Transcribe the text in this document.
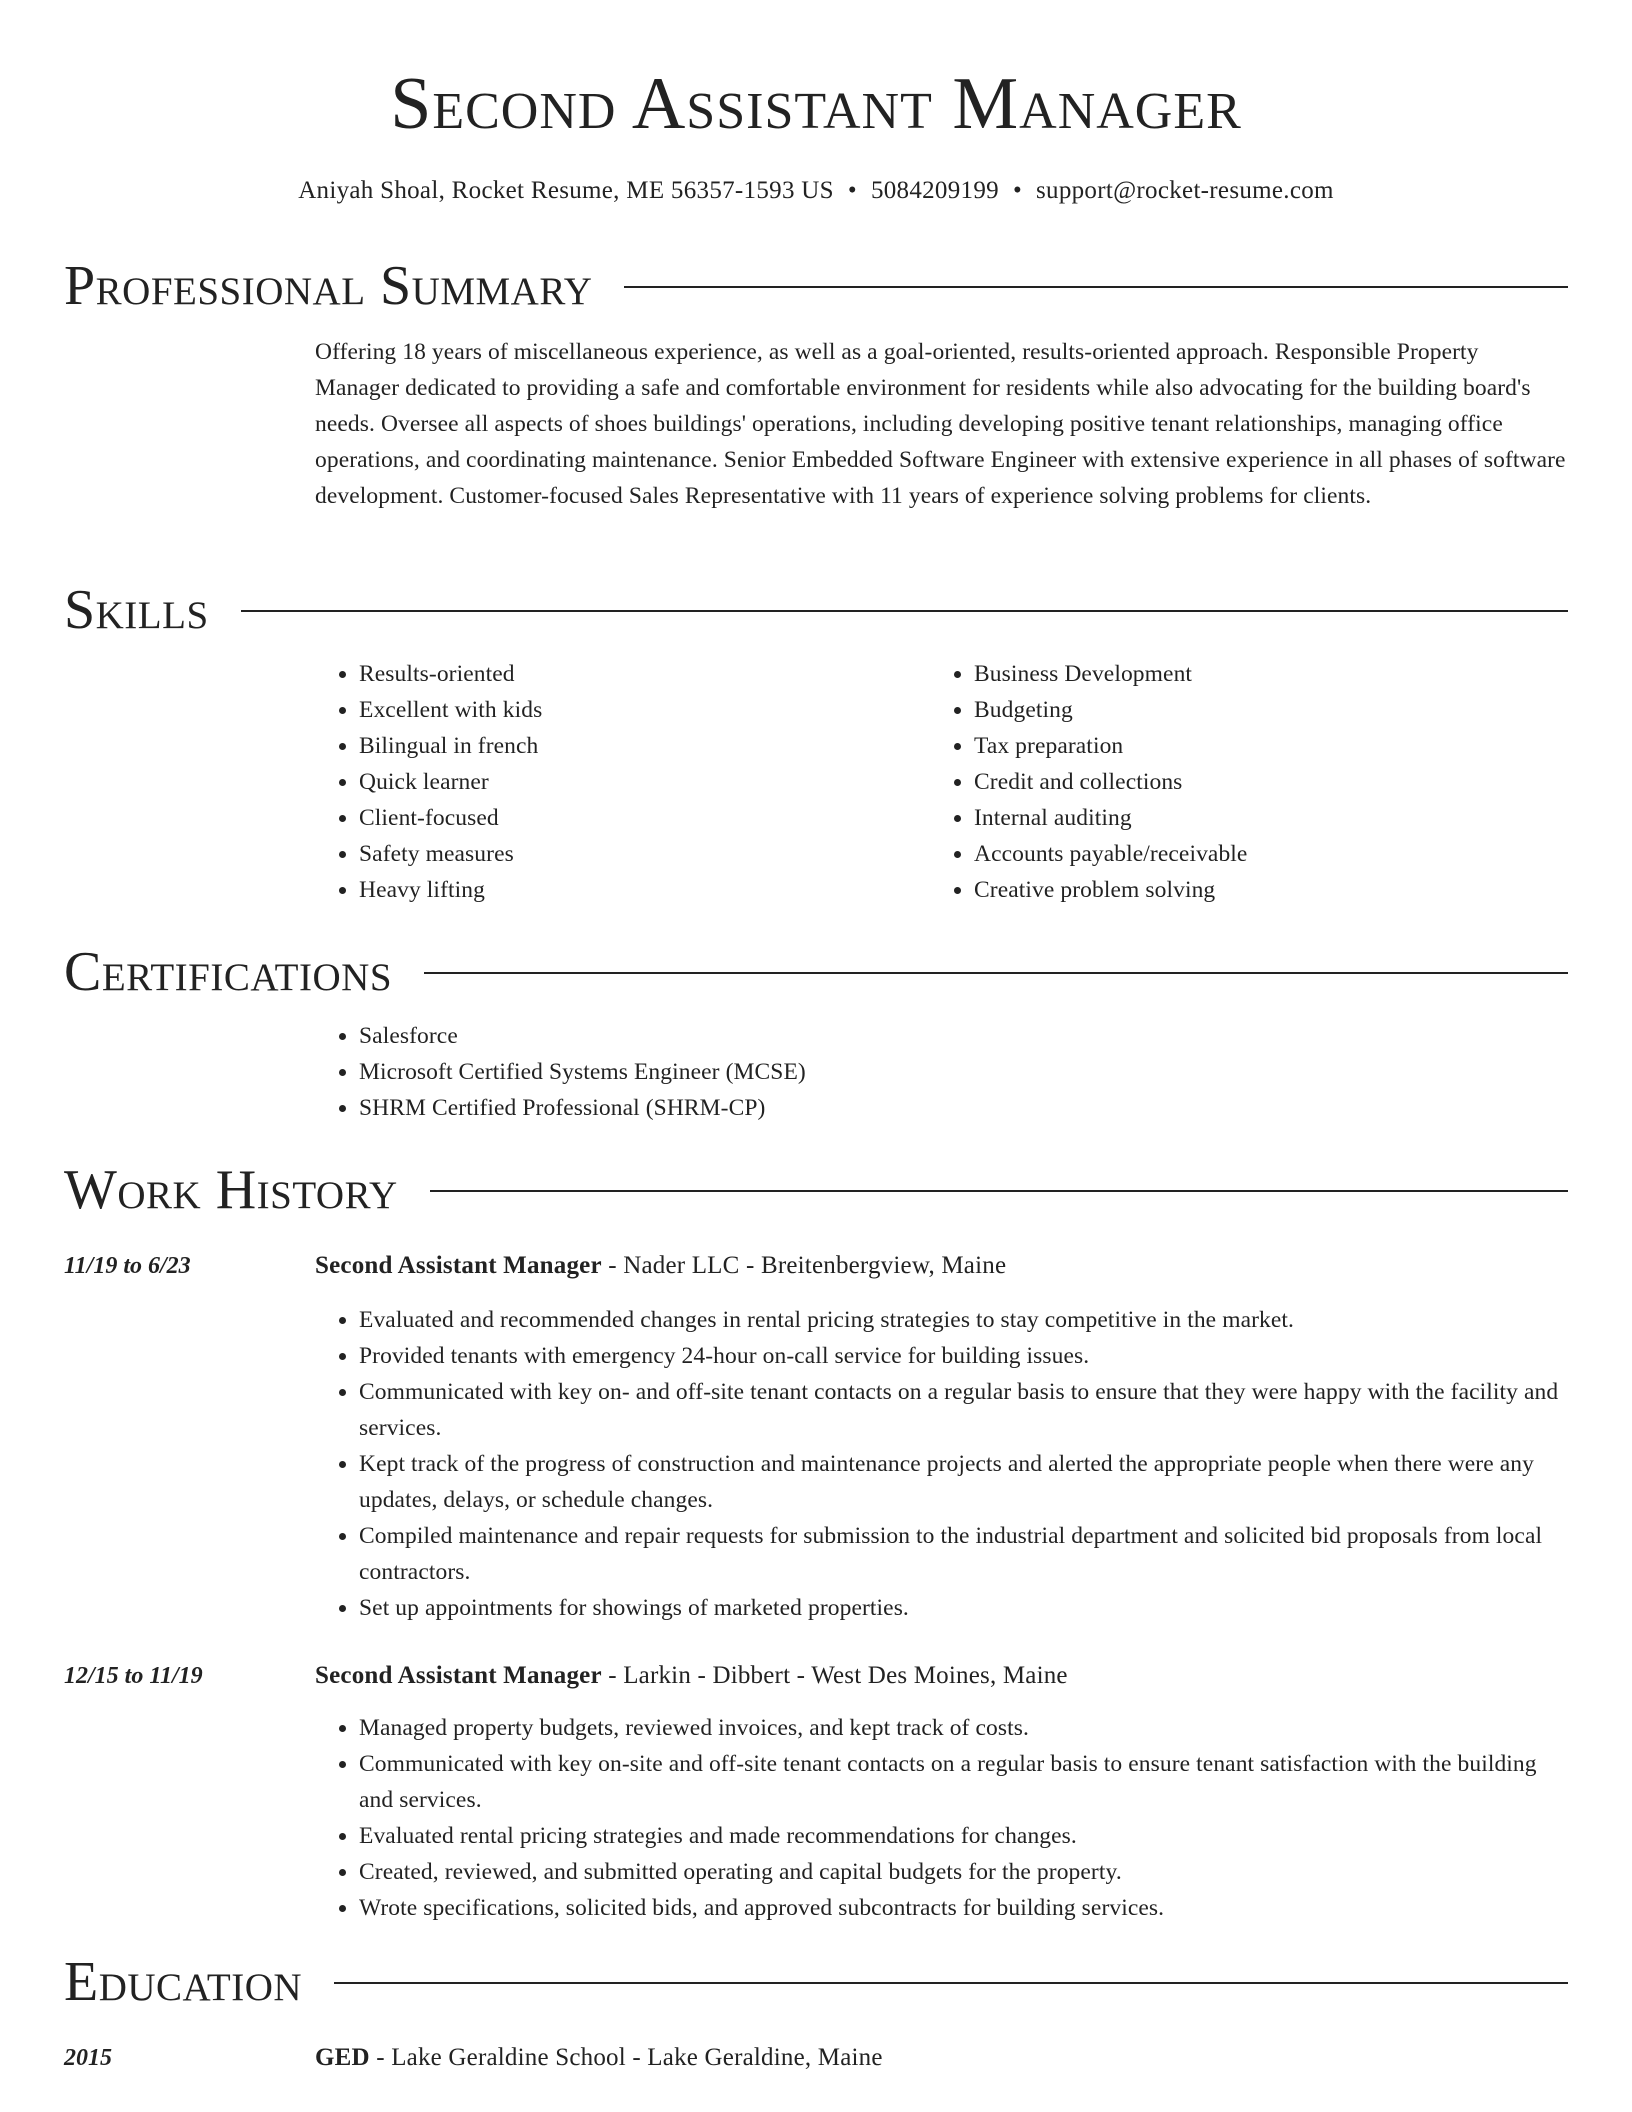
Second Assistant Manager
Aniyah Shoal, Rocket Resume, ME 56357-1593 US • 5084209199 • support@rocket-resume.com
Professional Summary

Offering 18 years of miscellaneous experience, as well as a goal-oriented, results-oriented approach. Responsible Property Manager dedicated to providing a safe and comfortable environment for residents while also advocating for the building board's needs. Oversee all aspects of shoes buildings' operations, including developing positive tenant relationships, managing office operations, and coordinating maintenance. Senior Embedded Software Engineer with extensive experience in all phases of software development. Customer-focused Sales Representative with 11 years of experience solving problems for clients.

Skills
• Results-oriented
• Excellent with kids
• Bilingual in french
• Quick learner
• Client-focused
• Safety measures
• Heavy lifting
• Business Development
• Budgeting
• Tax preparation
• Credit and collections
• Internal auditing
• Accounts payable/receivable
• Creative problem solving
Certifications
• Salesforce
• Microsoft Certified Systems Engineer (MCSE)
• SHRM Certified Professional (SHRM-CP)
Work History
11/19 to 6/23	Second Assistant Manager - Nader LLC - Breitenbergview, Maine
• Evaluated and recommended changes in rental pricing strategies to stay competitive in the market.
• Provided tenants with emergency 24-hour on-call service for building issues.
• Communicated with key on- and off-site tenant contacts on a regular basis to ensure that they were happy with the facility and services.
• Kept track of the progress of construction and maintenance projects and alerted the appropriate people when there were any updates, delays, or schedule changes.
• Compiled maintenance and repair requests for submission to the industrial department and solicited bid proposals from local contractors.
• Set up appointments for showings of marketed properties.
12/15 to 11/19	Second Assistant Manager - Larkin - Dibbert - West Des Moines, Maine
• Managed property budgets, reviewed invoices, and kept track of costs.
• Communicated with key on-site and off-site tenant contacts on a regular basis to ensure tenant satisfaction with the building and services.
• Evaluated rental pricing strategies and made recommendations for changes.
• Created, reviewed, and submitted operating and capital budgets for the property.
• Wrote specifications, solicited bids, and approved subcontracts for building services.
Education
2015	GED - Lake Geraldine School - Lake Geraldine, Maine
